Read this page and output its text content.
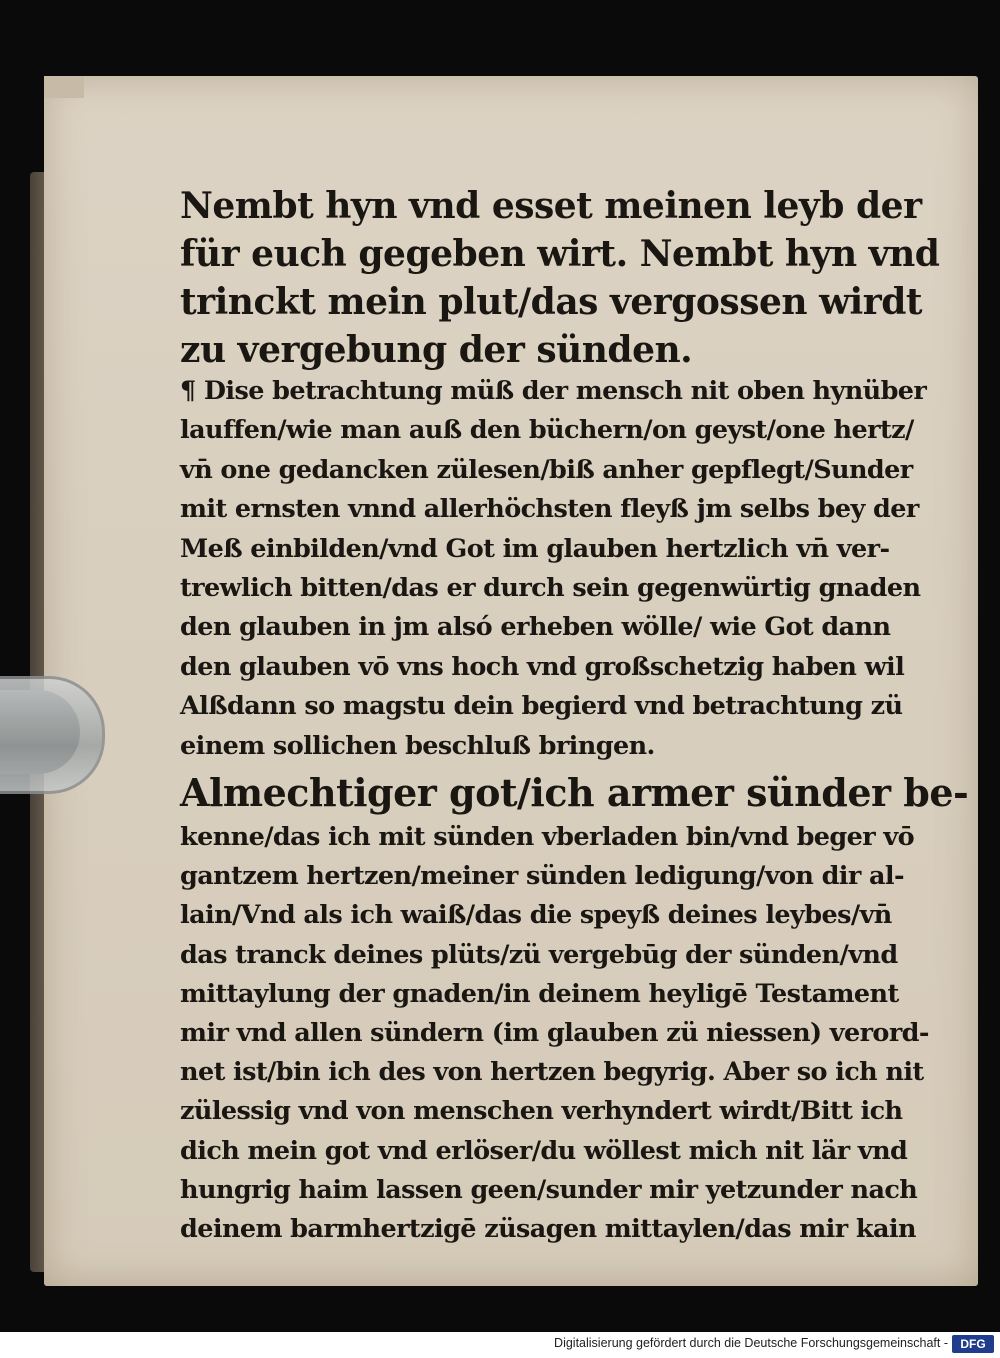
Nembt hyn vnd esset meinen leyb der
für euch gegeben wirt. Nembt hyn vnd
trinckt mein plut/das vergossen wirdt
zu vergebung der sünden.
¶ Dise betrachtung müß der mensch nit oben hynüber
lauffen/wie man auß den büchern/on geyst/one hertz/
vn̄ one gedancken zülesen/biß anher gepflegt/Sunder
mit ernsten vnnd allerhöchsten fleyß jm selbs bey der
Meß einbilden/vnd Got im glauben hertzlich vn̄ ver-
trewlich bitten/das er durch sein gegenwürtig gnaden
den glauben in jm alsó erheben wölle/ wie Got dann
den glauben vō vns hoch vnd großschetzig haben wil
Alßdann so magstu dein begierd vnd betrachtung zü
einem sollichen beschluß bringen.
Almechtiger got/ich armer sünder be-
kenne/das ich mit sünden vberladen bin/vnd beger vō
gantzem hertzen/meiner sünden ledigung/von dir al-
lain/Vnd als ich waiß/das die speyß deines leybes/vn̄
das tranck deines plüts/zü vergebūg der sünden/vnd
mittaylung der gnaden/in deinem heyligē Testament
mir vnd allen sündern (im glauben zü niessen) verord-
net ist/bin ich des von hertzen begyrig. Aber so ich nit
zülessig vnd von menschen verhyndert wirdt/Bitt ich
dich mein got vnd erlöser/du wöllest mich nit lär vnd
hungrig haim lassen geen/sunder mir yetzunder nach
deinem barmhertzigē züsagen mittaylen/das mir kain
Digitalisierung gefördert durch die Deutsche Forschungsgemeinschaft -	DFG
